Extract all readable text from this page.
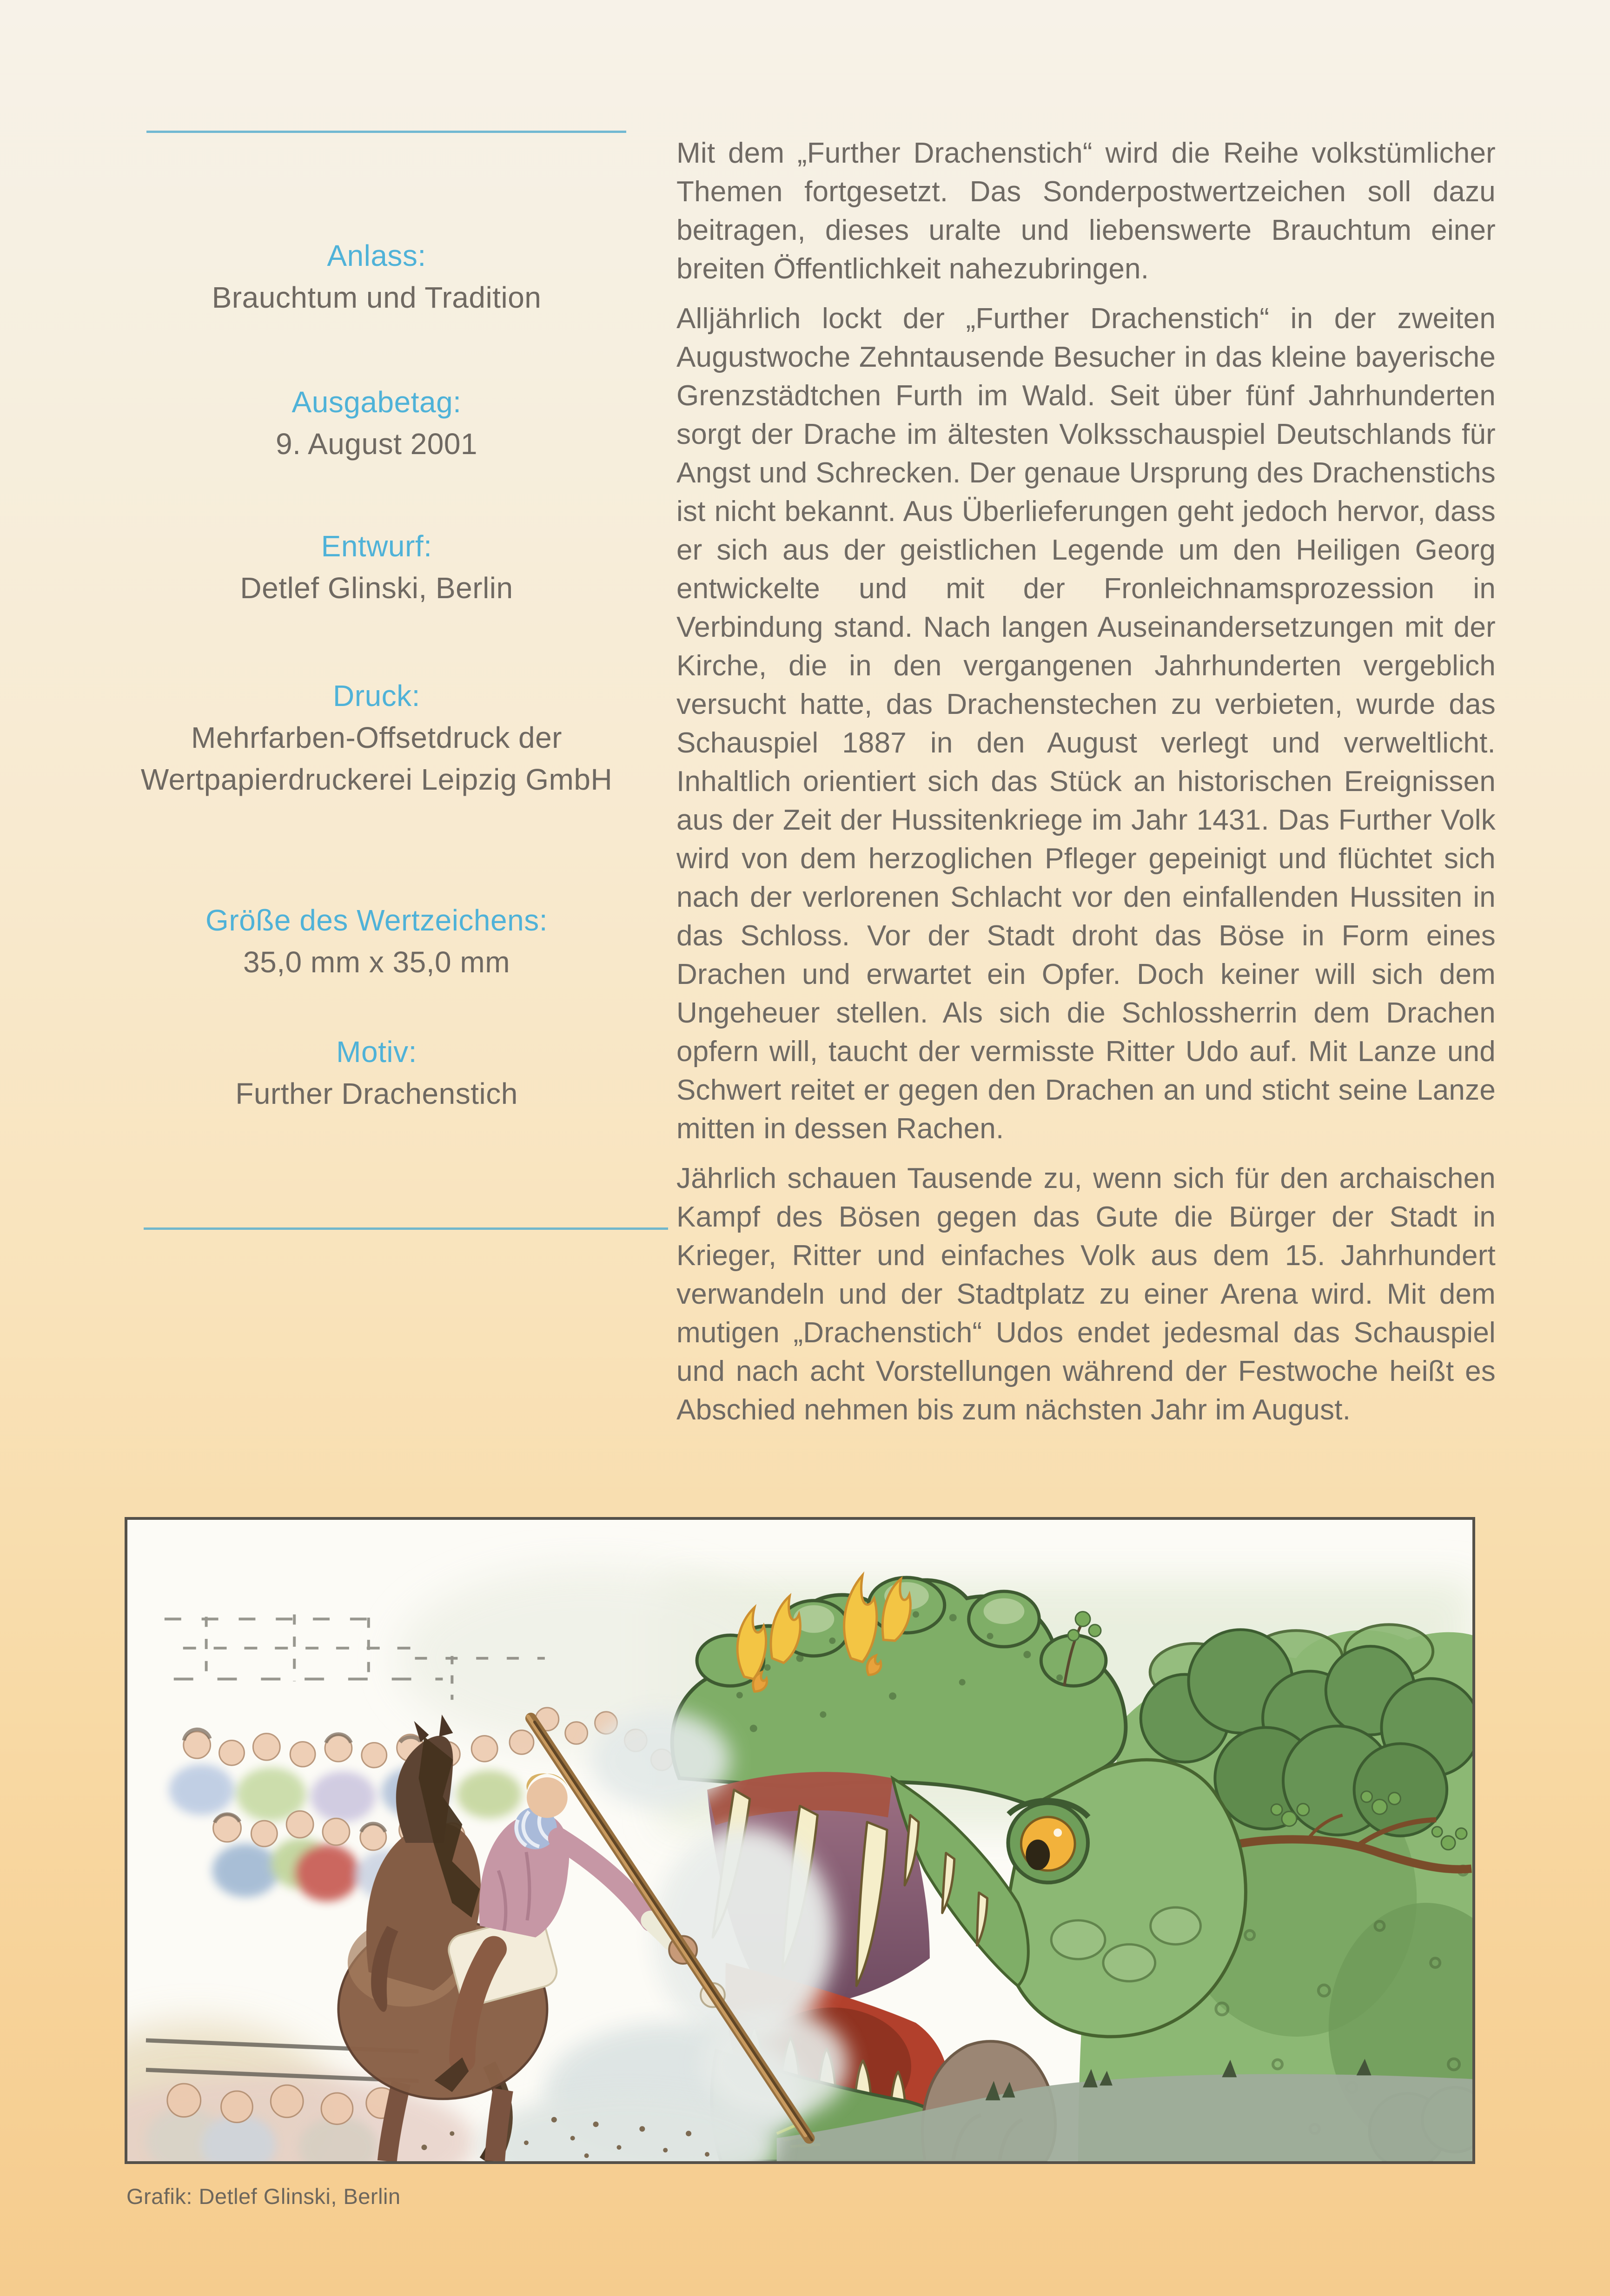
Anlass:
Brauchtum und Tradition
Ausgabetag:
9. August 2001
Entwurf:
Detlef Glinski, Berlin
Druck:
Mehrfarben-Offsetdruck der Wertpapierdruckerei Leipzig GmbH
Größe des Wertzeichens:
35,0 mm x 35,0 mm
Motiv:
Further Drachenstich

Mit dem „Further Drachenstich“ wird die Reihe volkstümlicher Themen fortgesetzt. Das Sonderpostwertzeichen soll dazu beitragen, dieses uralte und liebenswerte Brauchtum einer breiten Öffentlichkeit nahezubringen.

Alljährlich lockt der „Further Drachenstich“ in der zweiten Augustwoche Zehntausende Besucher in das kleine bayerische Grenzstädtchen Furth im Wald. Seit über fünf Jahrhunderten sorgt der Drache im ältesten Volksschauspiel Deutschlands für Angst und Schrecken. Der genaue Ursprung des Drachenstichs ist nicht bekannt. Aus Überlieferungen geht jedoch hervor, dass er sich aus der geistlichen Legende um den Heiligen Georg entwickelte und mit der Fronleichnamsprozession in Verbindung stand. Nach langen Auseinandersetzungen mit der Kirche, die in den vergangenen Jahrhunderten vergeblich versucht hatte, das Drachenstechen zu verbieten, wurde das Schauspiel 1887 in den August verlegt und verweltlicht. Inhaltlich orientiert sich das Stück an historischen Ereignissen aus der Zeit der Hussitenkriege im Jahr 1431. Das Further Volk wird von dem herzoglichen Pfleger gepeinigt und flüchtet sich nach der verlorenen Schlacht vor den einfallenden Hussiten in das Schloss. Vor der Stadt droht das Böse in Form eines Drachen und erwartet ein Opfer. Doch keiner will sich dem Ungeheuer stellen. Als sich die Schlossherrin dem Drachen opfern will, taucht der vermisste Ritter Udo auf. Mit Lanze und Schwert reitet er gegen den Drachen an und sticht seine Lanze mitten in dessen Rachen.

Jährlich schauen Tausende zu, wenn sich für den archaischen Kampf des Bösen gegen das Gute die Bürger der Stadt in Krieger, Ritter und einfaches Volk aus dem 15. Jahrhundert verwandeln und der Stadtplatz zu einer Arena wird. Mit dem mutigen „Drachenstich“ Udos endet jedesmal das Schauspiel und nach acht Vorstellungen während der Festwoche heißt es Abschied nehmen bis zum nächsten Jahr im August.

Grafik: Detlef Glinski, Berlin
